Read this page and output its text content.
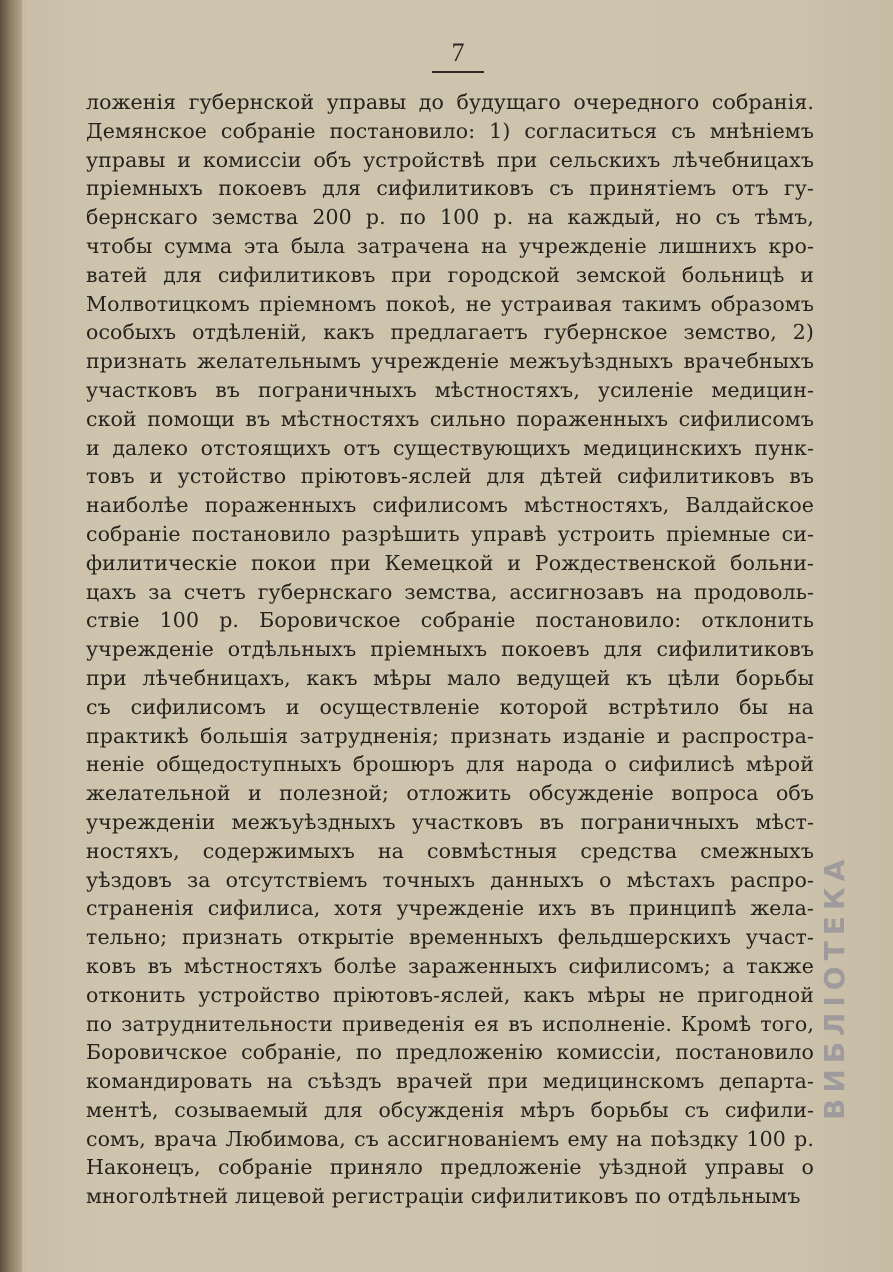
7
ложенія губернской управы до будущаго очередного собранія.
Демянское собраніе постановило: 1) согласиться съ мнѣніемъ
управы и комиссіи объ устройствѣ при сельскихъ лѣчебницахъ
пріемныхъ покоевъ для сифилитиковъ съ принятіемъ отъ гу-
бернскаго земства 200 р. по 100 р. на каждый, но съ тѣмъ,
чтобы сумма эта была затрачена на учрежденіе лишнихъ кро-
ватей для сифилитиковъ при городской земской больницѣ и
Молвотицкомъ пріемномъ покоѣ, не устраивая такимъ образомъ
особыхъ отдѣленій, какъ предлагаетъ губернское земство, 2)
признать желательнымъ учрежденіе межъуѣздныхъ врачебныхъ
участковъ въ пограничныхъ мѣстностяхъ, усиленіе медицин-
ской помощи въ мѣстностяхъ сильно пораженныхъ сифилисомъ
и далеко отстоящихъ отъ существующихъ медицинскихъ пунк-
товъ и устойство пріютовъ-яслей для дѣтей сифилитиковъ въ
наиболѣе пораженныхъ сифилисомъ мѣстностяхъ, Валдайское
собраніе постановило разрѣшить управѣ устроить пріемные си-
филитическіе покои при Кемецкой и Рождественской больни-
цахъ за счетъ губернскаго земства, ассигнозавъ на продоволь-
ствіе 100 р. Боровичское собраніе постановило: отклонить
учрежденіе отдѣльныхъ пріемныхъ покоевъ для сифилитиковъ
при лѣчебницахъ, какъ мѣры мало ведущей къ цѣли борьбы
съ сифилисомъ и осуществленіе которой встрѣтило бы на
практикѣ большія затрудненія; признать изданіе и распростра-
неніе общедоступныхъ брошюръ для народа о сифилисѣ мѣрой
желательной и полезной; отложить обсужденіе вопроса объ
учрежденіи межъуѣздныхъ участковъ въ пограничныхъ мѣст-
ностяхъ, содержимыхъ на совмѣстныя средства смежныхъ
уѣздовъ за отсутствіемъ точныхъ данныхъ о мѣстахъ распро-
страненія сифилиса, хотя учрежденіе ихъ въ принципѣ жела-
тельно; признать открытіе временныхъ фельдшерскихъ участ-
ковъ въ мѣстностяхъ болѣе зараженныхъ сифилисомъ; а также
отконить устройство пріютовъ-яслей, какъ мѣры не пригодной
по затруднительности приведенія ея въ исполненіе. Кромѣ того,
Боровичское собраніе, по предложенію комиссіи, постановило
командировать на съѣздъ врачей при медицинскомъ департа-
ментѣ, созываемый для обсужденія мѣръ борьбы съ сифили-
сомъ, врача Любимова, съ ассигнованіемъ ему на поѣздку 100 р.
Наконецъ, собраніе приняло предложеніе уѣздной управы о
многолѣтней лицевой регистраціи сифилитиковъ по отдѣльнымъ
ВИБЛІОТЕКА
